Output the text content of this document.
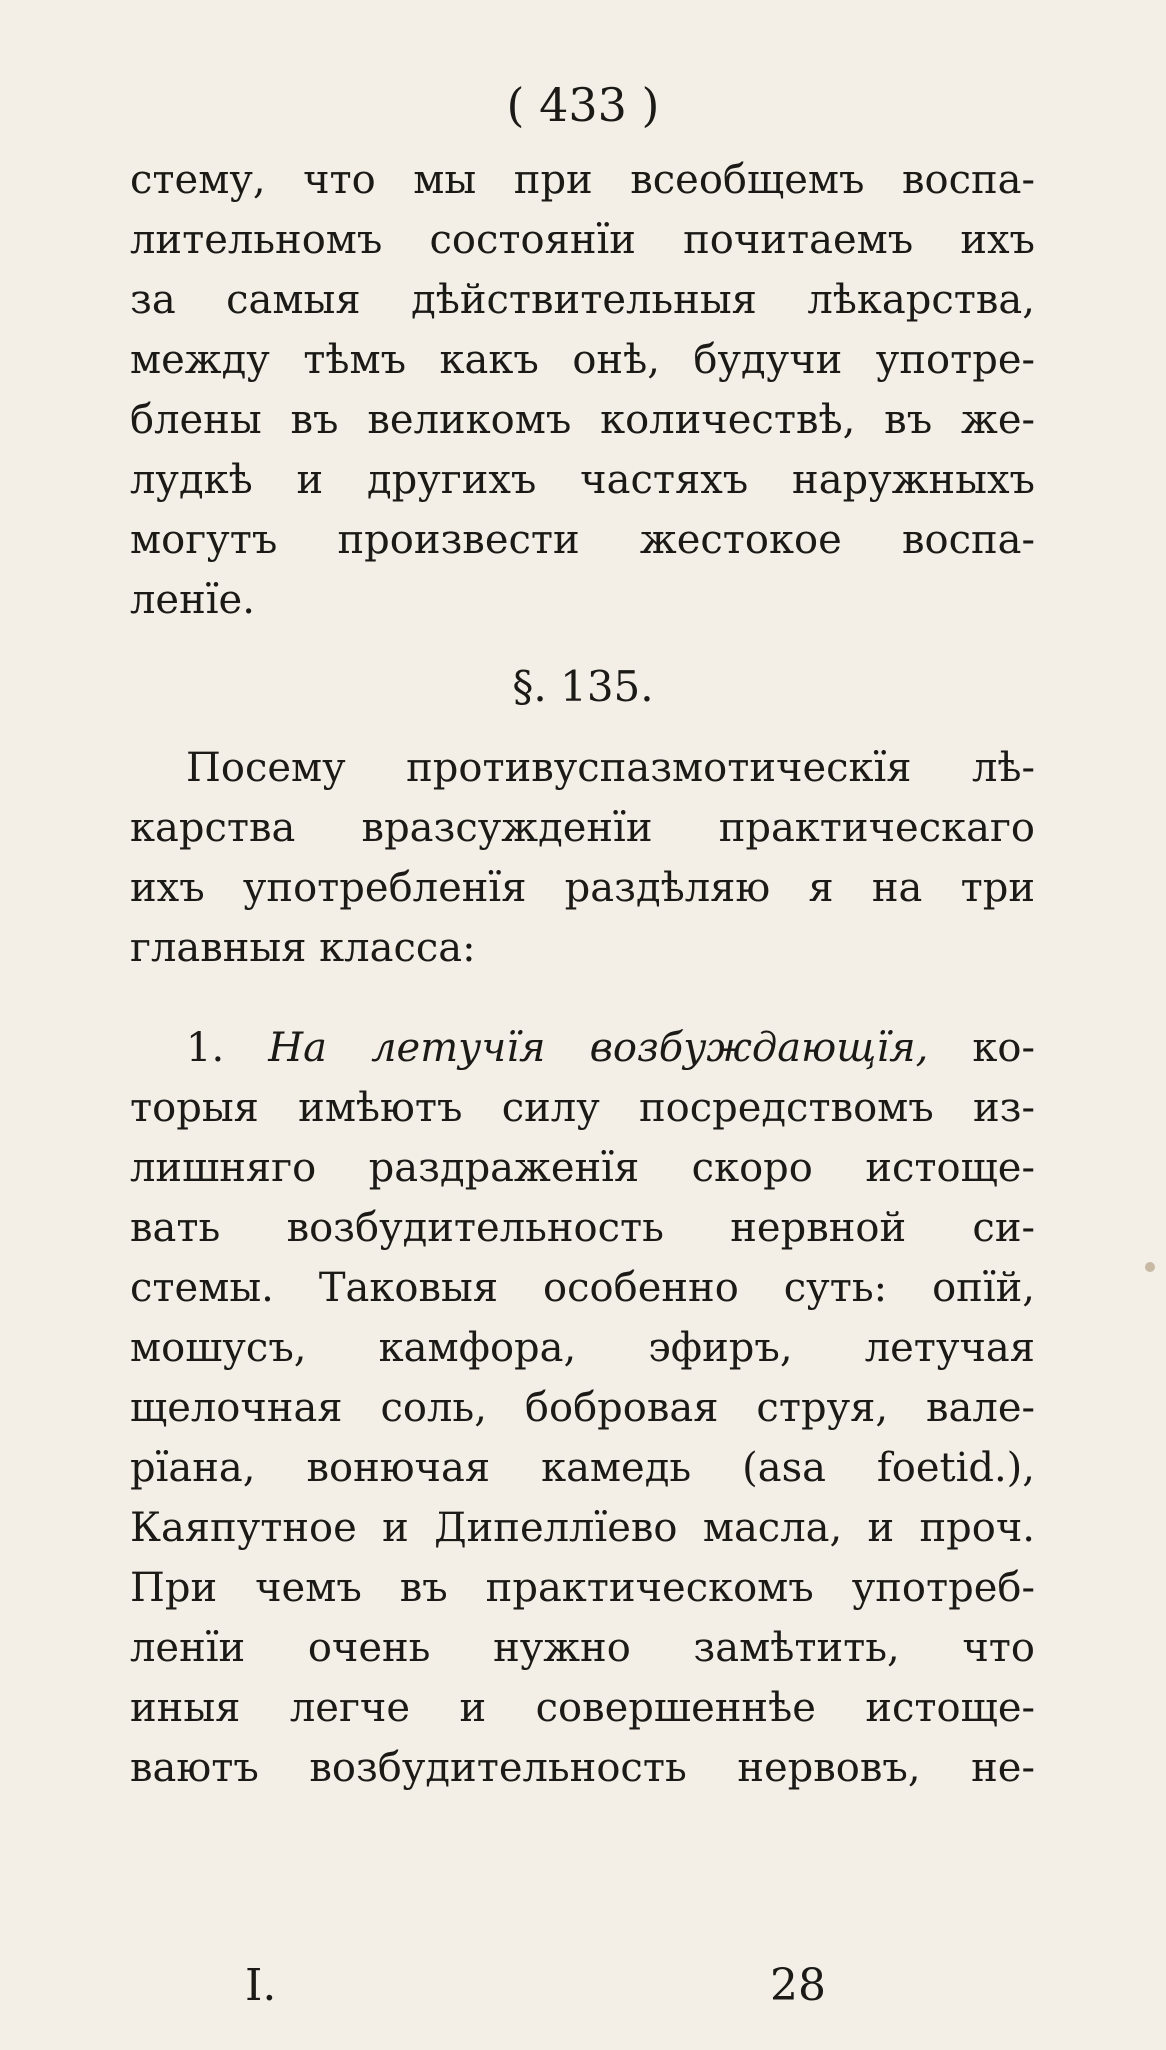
( 433 )
стему, что мы при всеобщемъ воспа-
лительномъ состоянїи почитаемъ ихъ
за самыя дѣйствительныя лѣкарства,
между тѣмъ какъ онѣ, будучи употре-
блены въ великомъ количествѣ, въ же-
лудкѣ и другихъ частяхъ наружныхъ
могутъ произвести жестокое воспа-
ленїе.
§. 135.
Посему противуспазмотическїя лѣ-
карства вразсужденїи практическаго
ихъ употребленїя раздѣляю я на три
главныя класса:
1. На летучїя возбуждающїя, ко-
торыя имѣютъ силу посредствомъ из-
лишняго раздраженїя скоро истоще-
вать возбудительность нервной си-
стемы. Таковыя особенно суть: опїй,
мошусъ, камфора, эфиръ, летучая
щелочная соль, бобровая струя, вале-
рїана, вонючая камедь (asa foetid.),
Каяпутное и Дипеллїево масла, и проч.
При чемъ въ практическомъ употреб-
ленїи очень нужно замѣтить, что
иныя легче и совершеннѣе истоще-
ваютъ возбудительность нервовъ, не-
I.	28
